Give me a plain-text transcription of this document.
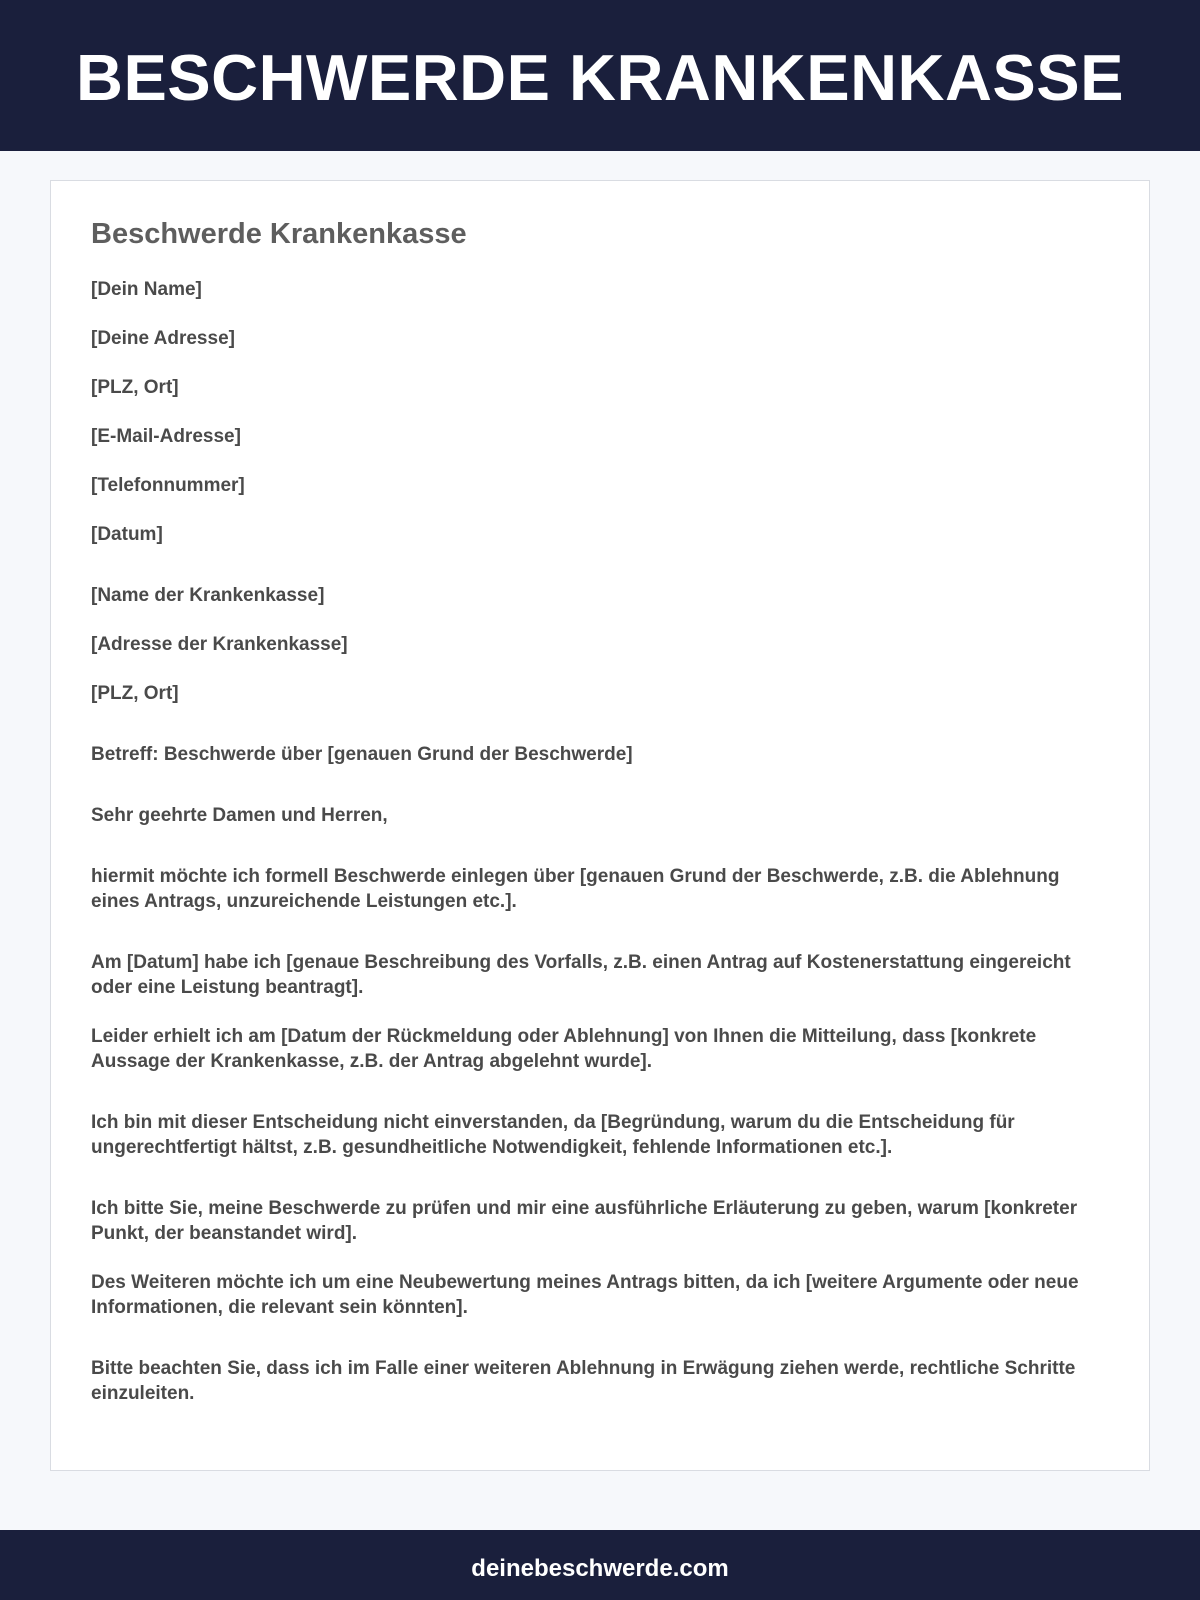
BESCHWERDE KRANKENKASSE
Beschwerde Krankenkasse
[Dein Name]
[Deine Adresse]
[PLZ, Ort]
[E-Mail-Adresse]
[Telefonnummer]
[Datum]
[Name der Krankenkasse]
[Adresse der Krankenkasse]
[PLZ, Ort]
Betreff: Beschwerde über [genauen Grund der Beschwerde]
Sehr geehrte Damen und Herren,

hiermit möchte ich formell Beschwerde einlegen über [genauen Grund der Beschwerde, z.B. die Ablehnung eines Antrags, unzureichende Leistungen etc.].

Am [Datum] habe ich [genaue Beschreibung des Vorfalls, z.B. einen Antrag auf Kostenerstattung eingereicht oder eine Leistung beantragt].

Leider erhielt ich am [Datum der Rückmeldung oder Ablehnung] von Ihnen die Mitteilung, dass [konkrete Aussage der Krankenkasse, z.B. der Antrag abgelehnt wurde].

Ich bin mit dieser Entscheidung nicht einverstanden, da [Begründung, warum du die Entscheidung für ungerechtfertigt hältst, z.B. gesundheitliche Notwendigkeit, fehlende Informationen etc.].

Ich bitte Sie, meine Beschwerde zu prüfen und mir eine ausführliche Erläuterung zu geben, warum [konkreter Punkt, der beanstandet wird].

Des Weiteren möchte ich um eine Neubewertung meines Antrags bitten, da ich [weitere Argumente oder neue Informationen, die relevant sein könnten].

Bitte beachten Sie, dass ich im Falle einer weiteren Ablehnung in Erwägung ziehen werde, rechtliche Schritte einzuleiten.

deinebeschwerde.com
